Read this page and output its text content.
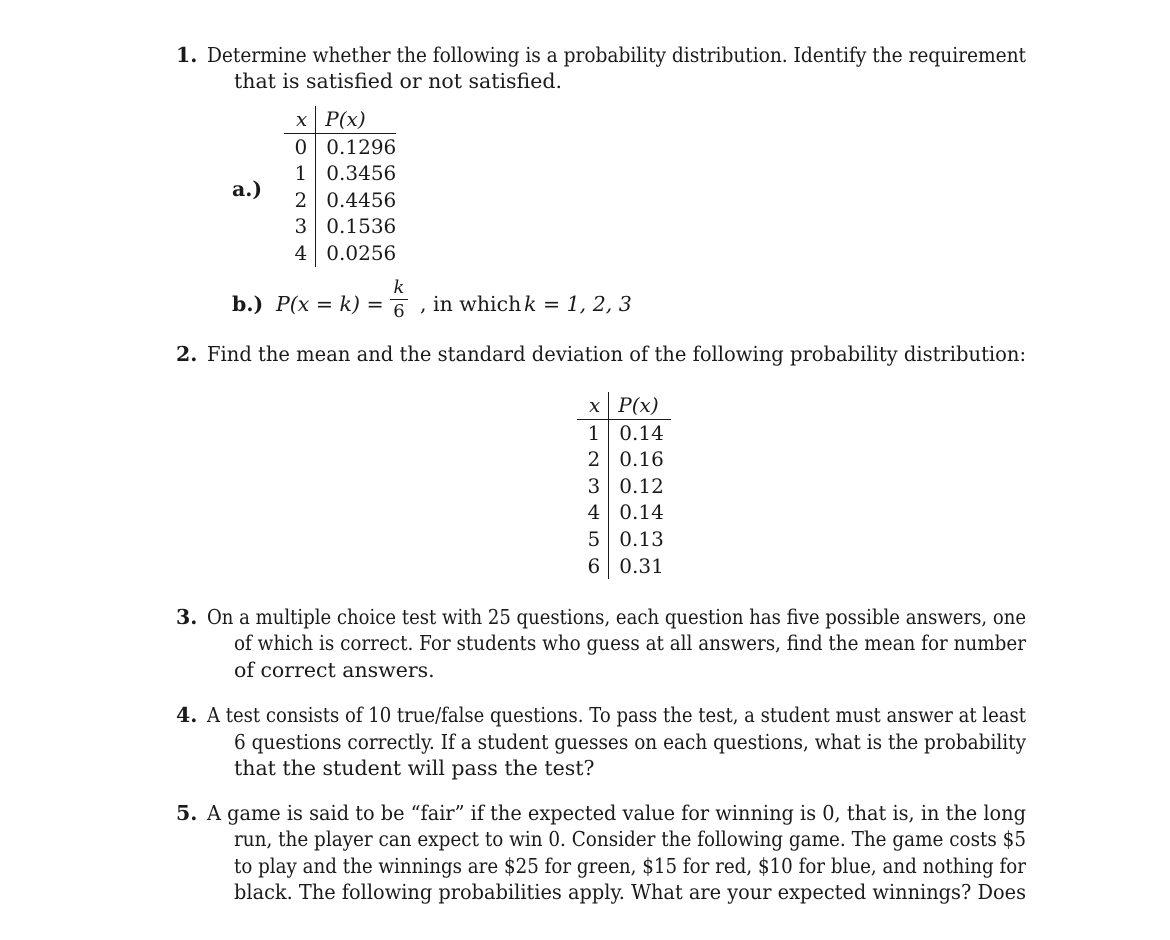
1. Determine whether the following is a probability distribution. Identify the requirement
that is satisfied or not satisfied.
a.)
x	P(x)
0	0.1296
1	0.3456
2	0.4456
3	0.1536
4	0.0256
b.) P(x = k) =
k
6 , in which k = 1, 2, 3
2. Find the mean and the standard deviation of the following probability distribution:
x	P(x)
1	0.14
2	0.16
3	0.12
4	0.14
5	0.13
6	0.31
3. On a multiple choice test with 25 questions, each question has five possible answers, one
of which is correct. For students who guess at all answers, find the mean for number
of correct answers.
4. A test consists of 10 true/false questions. To pass the test, a student must answer at least
6 questions correctly. If a student guesses on each questions, what is the probability
that the student will pass the test?
5. A game is said to be “fair” if the expected value for winning is 0, that is, in the long
run, the player can expect to win 0. Consider the following game. The game costs $5
to play and the winnings are $25 for green, $15 for red, $10 for blue, and nothing for
black. The following probabilities apply. What are your expected winnings? Does
